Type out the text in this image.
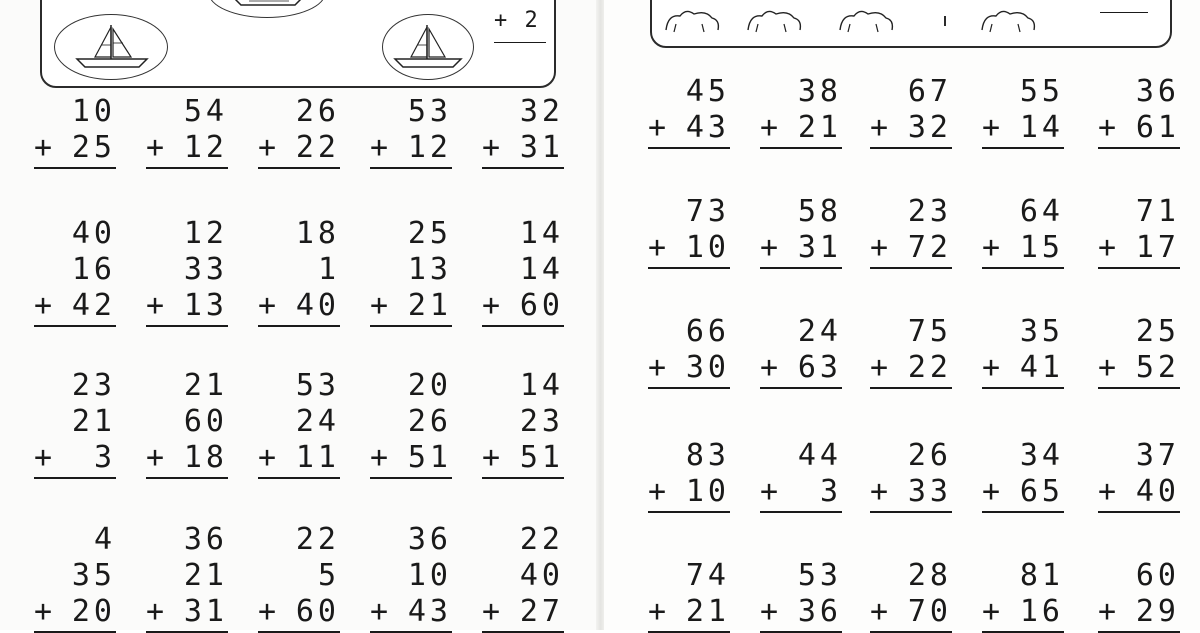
+ 2
10
+ 25
54
+ 12
26
+ 22
53
+ 12
32
+ 31
40
16
+ 42
12
33
+ 13
18
1
+ 40
25
13
+ 21
14
14
+ 60
23
21
+ 3
21
60
+ 18
53
24
+ 11
20
26
+ 51
14
23
+ 51
4
35
+ 20
36
21
+ 31
22
5
+ 60
36
10
+ 43
22
40
+ 27
45
+ 43
38
+ 21
67
+ 32
55
+ 14
36
+ 61
73
+ 10
58
+ 31
23
+ 72
64
+ 15
71
+ 17
66
+ 30
24
+ 63
75
+ 22
35
+ 41
25
+ 52
83
+ 10
44
+ 3
26
+ 33
34
+ 65
37
+ 40
74
+ 21
53
+ 36
28
+ 70
81
+ 16
60
+ 29
